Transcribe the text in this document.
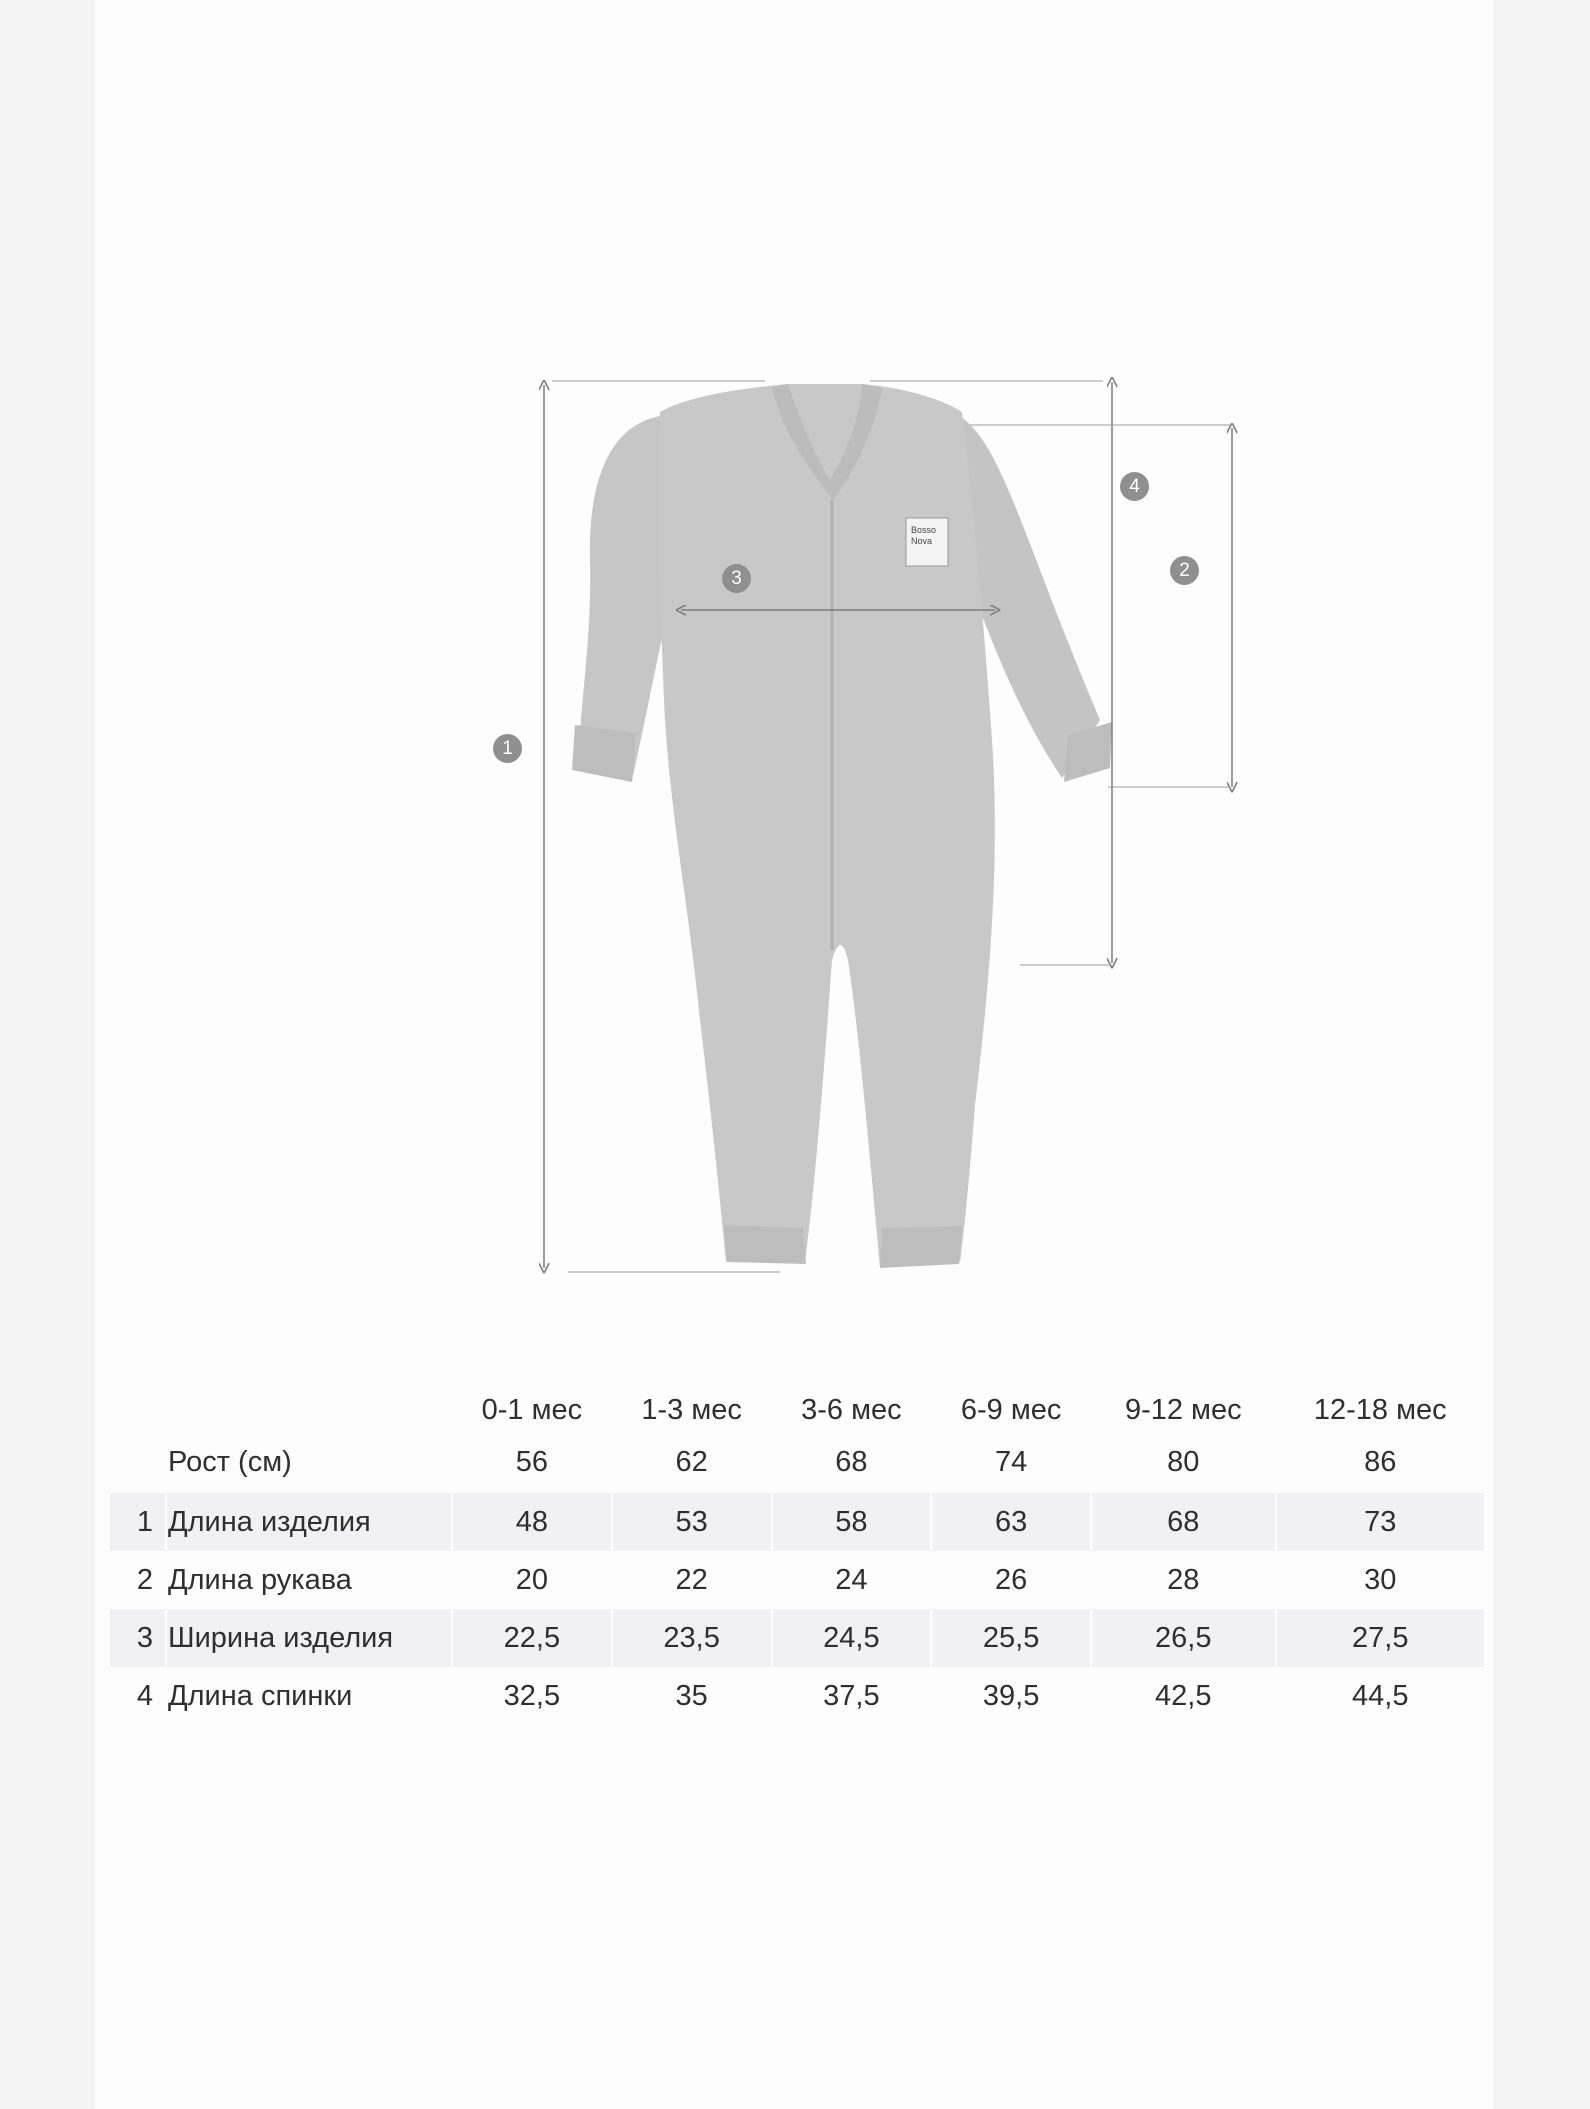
Bosso
Nova
1
4
2
3
		0-1 мес	1-3 мес	3-6 мес	6-9 мес	9-12 мес	12-18 мес
	Рост (см)	56	62	68	74	80	86
1	Длина изделия	48	53	58	63	68	73
2	Длина рукава	20	22	24	26	28	30
3	Ширина изделия	22,5	23,5	24,5	25,5	26,5	27,5
4	Длина спинки	32,5	35	37,5	39,5	42,5	44,5
